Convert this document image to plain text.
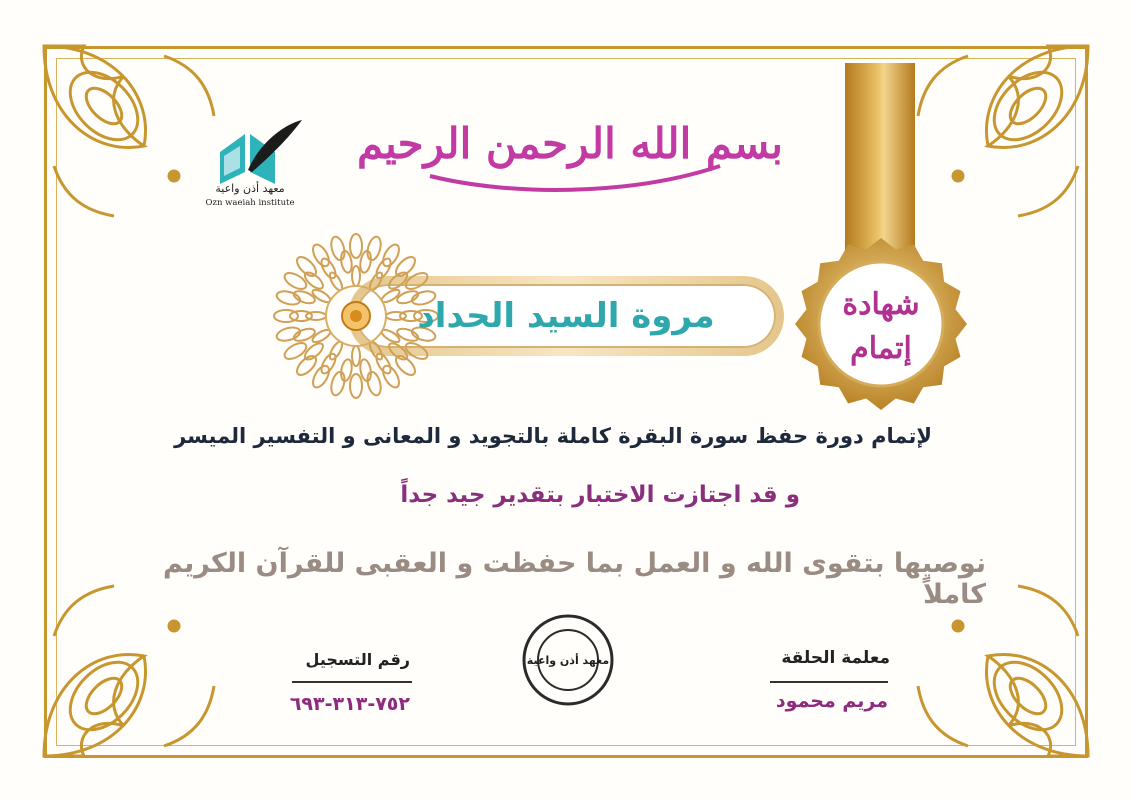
شهادة
إتمام
بسم الله الرحمن الرحيم
معهد أذن واعية
Ozn waeiah institute
مروة السيد الحداد
لإتمام دورة حفظ سورة البقرة كاملة بالتجويد و المعانى و التفسير الميسر
و قد اجتازت الاختبار بتقدير جيد جداً
نوصيها بتقوى الله و العمل بما حفظت و العقبى للقرآن الكريم كاملاً
رقم التسجيل
٧٥٢-٣١٣-٦٩٣
معهد أذن واعية	معلمة الحلقة
مريم محمود
